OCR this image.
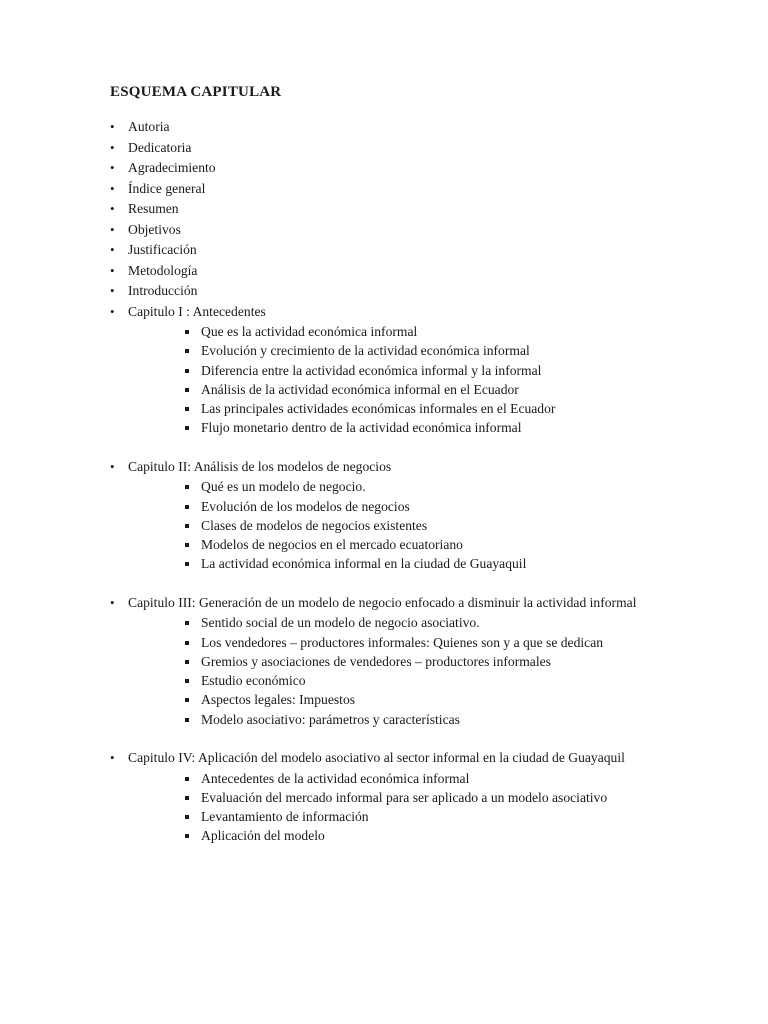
ESQUEMA CAPITULAR
• Autoria
• Dedicatoria
• Agradecimiento
• Índice general
• Resumen
• Objetivos
• Justificación
• Metodología
• Introducción
• Capitulo I : Antecedentes
Que es la actividad económica informal
Evolución y crecimiento de la actividad económica informal
Diferencia entre la actividad económica informal y la informal
Análisis de la actividad económica informal en el Ecuador
Las principales actividades económicas informales en el Ecuador
Flujo monetario dentro de la actividad económica informal
• Capitulo II: Análisis de los modelos de negocios
Qué es un modelo de negocio.
Evolución de los modelos de negocios
Clases de modelos de negocios existentes
Modelos de negocios en el mercado ecuatoriano
La actividad económica informal en la ciudad de Guayaquil
• Capitulo III: Generación de un modelo de negocio enfocado a disminuir la actividad informal
Sentido social de un modelo de negocio asociativo.
Los vendedores – productores informales: Quienes son y a que se dedican
Gremios y asociaciones de vendedores – productores informales
Estudio económico
Aspectos legales: Impuestos
Modelo asociativo: parámetros y características
• Capitulo IV: Aplicación del modelo asociativo al sector informal en la ciudad de Guayaquil
Antecedentes de la actividad económica informal
Evaluación del mercado informal para ser aplicado a un modelo asociativo
Levantamiento de información
Aplicación del modelo
